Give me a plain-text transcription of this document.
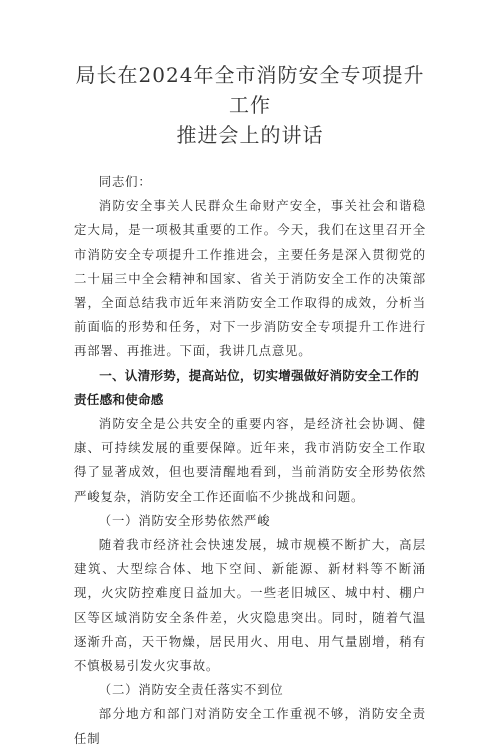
局长在2024年全市消防安全专项提升工作
推进会上的讲话

同志们：

消防安全事关人民群众生命财产安全，事关社会和谐稳定大局，是一项极其重要的工作。今天，我们在这里召开全市消防安全专项提升工作推进会，主要任务是深入贯彻党的二十届三中全会精神和国家、省关于消防安全工作的决策部署，全面总结我市近年来消防安全工作取得的成效，分析当前面临的形势和任务，对下一步消防安全专项提升工作进行再部署、再推进。下面，我讲几点意见。

一、认清形势，提高站位，切实增强做好消防安全工作的责任感和使命感

消防安全是公共安全的重要内容，是经济社会协调、健康、可持续发展的重要保障。近年来，我市消防安全工作取得了显著成效，但也要清醒地看到，当前消防安全形势依然严峻复杂，消防安全工作还面临不少挑战和问题。

（一）消防安全形势依然严峻

随着我市经济社会快速发展，城市规模不断扩大，高层建筑、大型综合体、地下空间、新能源、新材料等不断涌现，火灾防控难度日益加大。一些老旧城区、城中村、棚户区等区域消防安全条件差，火灾隐患突出。同时，随着气温逐渐升高，天干物燥，居民用火、用电、用气量剧增，稍有不慎极易引发火灾事故。

（二）消防安全责任落实不到位

部分地方和部门对消防安全工作重视不够，消防安全责任制
